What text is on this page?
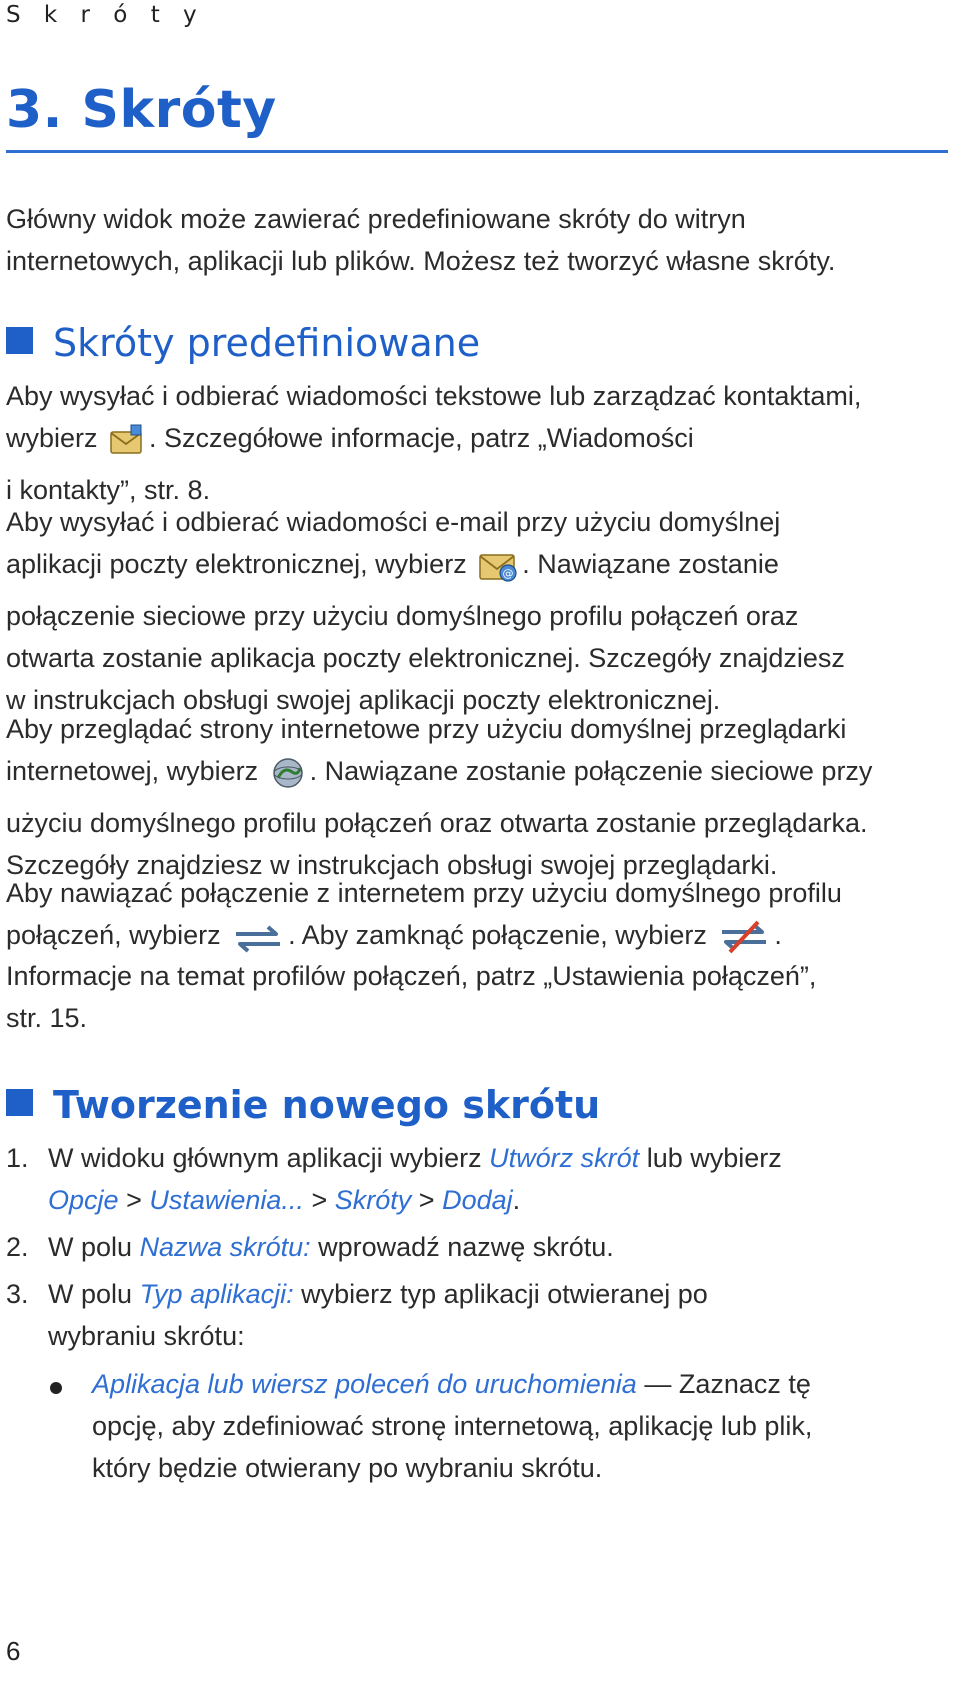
S k r ó t y
3. Skróty
Główny widok może zawierać predefiniowane skróty do witryn
internetowych, aplikacji lub plików. Możesz też tworzyć własne skróty.
Skróty predefiniowane
Aby wysyłać i odbierać wiadomości tekstowe lub zarządzać kontaktami,
wybierz . Szczegółowe informacje, patrz „Wiadomości
i kontakty”, str. 8.
Aby wysyłać i odbierać wiadomości e-mail przy użyciu domyślnej
aplikacji poczty elektronicznej, wybierz	@ . Nawiązane zostanie
połączenie sieciowe przy użyciu domyślnego profilu połączeń oraz
otwarta zostanie aplikacja poczty elektronicznej. Szczegóły znajdziesz
w instrukcjach obsługi swojej aplikacji poczty elektronicznej.
Aby przeglądać strony internetowe przy użyciu domyślnej przeglądarki
internetowej, wybierz . Nawiązane zostanie połączenie sieciowe przy
użyciu domyślnego profilu połączeń oraz otwarta zostanie przeglądarka.
Szczegóły znajdziesz w instrukcjach obsługi swojej przeglądarki.
Aby nawiązać połączenie z internetem przy użyciu domyślnego profilu
połączeń, wybierz	. Aby zamknąć połączenie, wybierz	.
Informacje na temat profilów połączeń, patrz „Ustawienia połączeń”,
str. 15.
Tworzenie nowego skrótu
1. W widoku głównym aplikacji wybierz Utwórz skrót lub wybierz
Opcje > Ustawienia... > Skróty > Dodaj.
2. W polu Nazwa skrótu: wprowadź nazwę skrótu.
3. W polu Typ aplikacji: wybierz typ aplikacji otwieranej po
wybraniu skrótu:
Aplikacja lub wiersz poleceń do uruchomienia — Zaznacz tę
opcję, aby zdefiniować stronę internetową, aplikację lub plik,
który będzie otwierany po wybraniu skrótu.
6
